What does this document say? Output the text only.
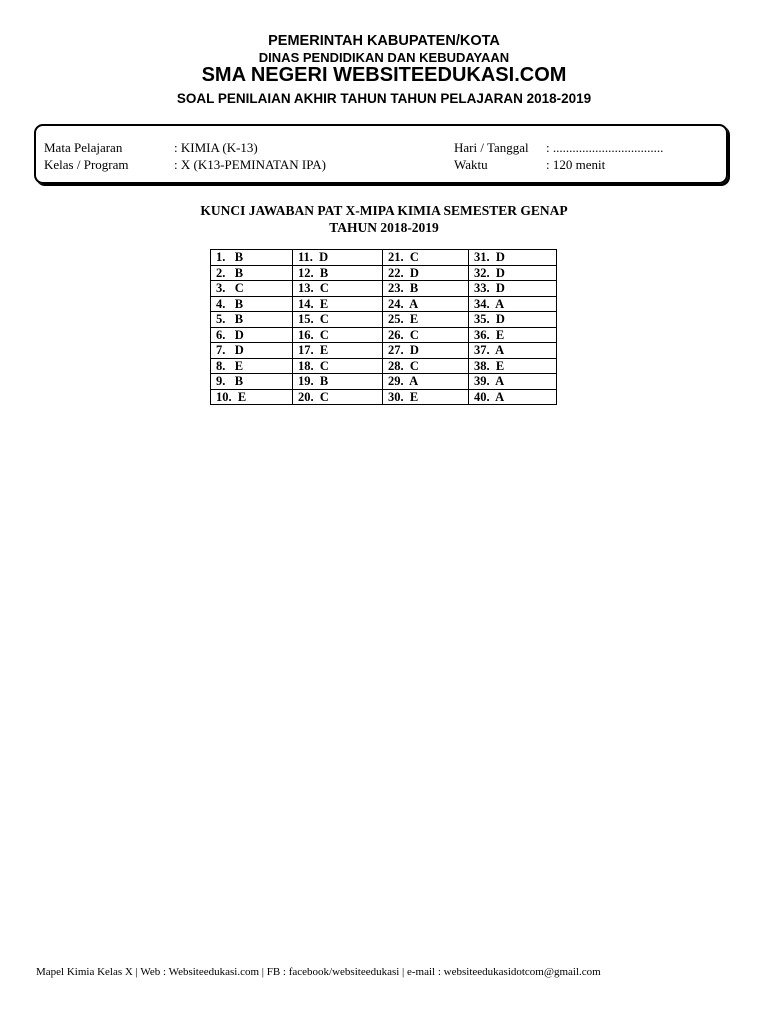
PEMERINTAH KABUPATEN/KOTA
DINAS PENDIDIKAN DAN KEBUDAYAAN
SMA NEGERI WEBSITEEDUKASI.COM
SOAL PENILAIAN AKHIR TAHUN TAHUN PELAJARAN 2018-2019
Mata Pelajaran	: KIMIA (K-13)
Kelas / Program	: X (K13-PEMINATAN IPA)
Hari / Tanggal : ..................................
Waktu	: 120 menit
KUNCI JAWABAN PAT X-MIPA KIMIA SEMESTER GENAP
TAHUN 2018-2019
1.   B	11.  D	21.  C	31.  D
2.   B	12.  B	22.  D	32.  D
3.   C	13.  C	23.  B	33.  D
4.   B	14.  E	24.  A	34.  A
5.   B	15.  C	25.  E	35.  D
6.   D	16.  C	26.  C	36.  E
7.   D	17.  E	27.  D	37.  A
8.   E	18.  C	28.  C	38.  E
9.   B	19.  B	29.  A	39.  A
10.  E	20.  C	30.  E	40.  A
Mapel Kimia Kelas X | Web : Websiteedukasi.com | FB : facebook/websiteedukasi | e-mail : websiteedukasidotcom@gmail.com
